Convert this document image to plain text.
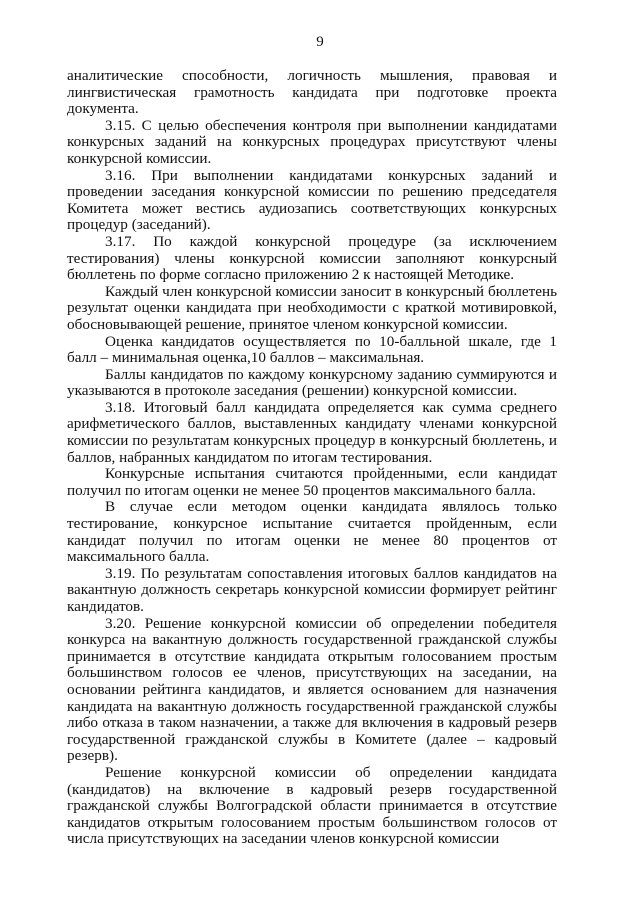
9

аналитические способности, логичность мышления, правовая и лингвистическая грамотность кандидата при подготовке проекта документа.

3.15. С целью обеспечения контроля при выполнении кандидатами конкурсных заданий на конкурсных процедурах присутствуют члены конкурсной комиссии.

3.16. При выполнении кандидатами конкурсных заданий и проведении заседания конкурсной комиссии по решению председателя Комитета может вестись аудиозапись соответствующих конкурсных процедур (заседаний).

3.17. По каждой конкурсной процедуре (за исключением тестирования) члены конкурсной комиссии заполняют конкурсный бюллетень по форме согласно приложению 2 к настоящей Методике.

Каждый член конкурсной комиссии заносит в конкурсный бюллетень результат оценки кандидата при необходимости с краткой мотивировкой, обосновывающей решение, принятое членом конкурсной комиссии.

Оценка кандидатов осуществляется по 10-балльной шкале, где 1 балл – минимальная оценка,10 баллов – максимальная.

Баллы кандидатов по каждому конкурсному заданию суммируются и указываются в протоколе заседания (решении) конкурсной комиссии.

3.18. Итоговый балл кандидата определяется как сумма среднего арифметического баллов, выставленных кандидату членами конкурсной комиссии по результатам конкурсных процедур в конкурсный бюллетень, и баллов, набранных кандидатом по итогам тестирования.

Конкурсные испытания считаются пройденными, если кандидат получил по итогам оценки не менее 50 процентов максимального балла.

В случае если методом оценки кандидата являлось только тестирование, конкурсное испытание считается пройденным, если кандидат получил по итогам оценки не менее 80 процентов от максимального балла.

3.19. По результатам сопоставления итоговых баллов кандидатов на вакантную должность секретарь конкурсной комиссии формирует рейтинг кандидатов.

3.20. Решение конкурсной комиссии об определении победителя конкурса на вакантную должность государственной гражданской службы принимается в отсутствие кандидата открытым голосованием простым большинством голосов ее членов, присутствующих на заседании, на основании рейтинга кандидатов, и является основанием для назначения кандидата на вакантную должность государственной гражданской службы либо отказа в таком назначении, а также для включения в кадровый резерв государственной гражданской службы в Комитете (далее – кадровый резерв).

Решение конкурсной комиссии об определении кандидата (кандидатов) на включение в кадровый резерв государственной гражданской службы Волгоградской области принимается в отсутствие кандидатов открытым голосованием простым большинством голосов от числа присутствующих на заседании членов конкурсной комиссии
